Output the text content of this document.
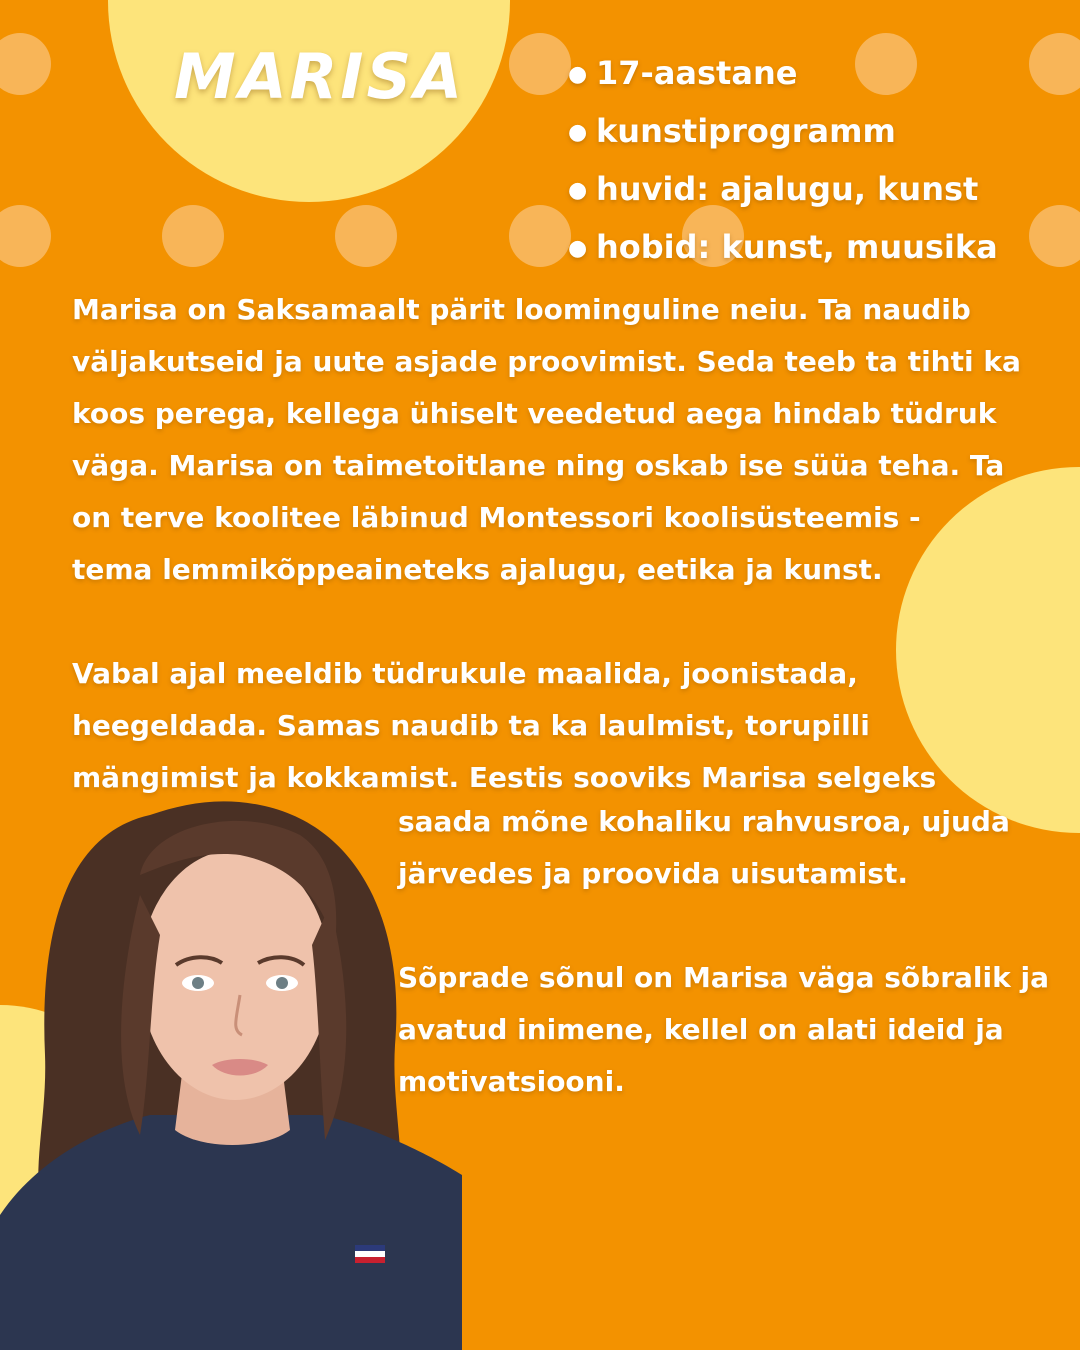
MARISA	● 17-aastane
● kunstiprogramm
● huvid: ajalugu, kunst
● hobid: kunst, muusika
Marisa on Saksamaalt pärit loominguline neiu. Ta naudib
väljakutseid ja uute asjade proovimist. Seda teeb ta tihti ka
koos perega, kellega ühiselt veedetud aega hindab tüdruk
väga. Marisa on taimetoitlane ning oskab ise süüa teha. Ta
on terve koolitee läbinud Montessori koolisüsteemis -
tema lemmikõppeaineteks ajalugu, eetika ja kunst.
Vabal ajal meeldib tüdrukule maalida, joonistada,
heegeldada. Samas naudib ta ka laulmist, torupilli
mängimist ja kokkamist. Eestis sooviks Marisa selgeks
saada mõne kohaliku rahvusroa, ujuda
järvedes ja proovida uisutamist.
Sõprade sõnul on Marisa väga sõbralik ja
avatud inimene, kellel on alati ideid ja
motivatsiooni.
